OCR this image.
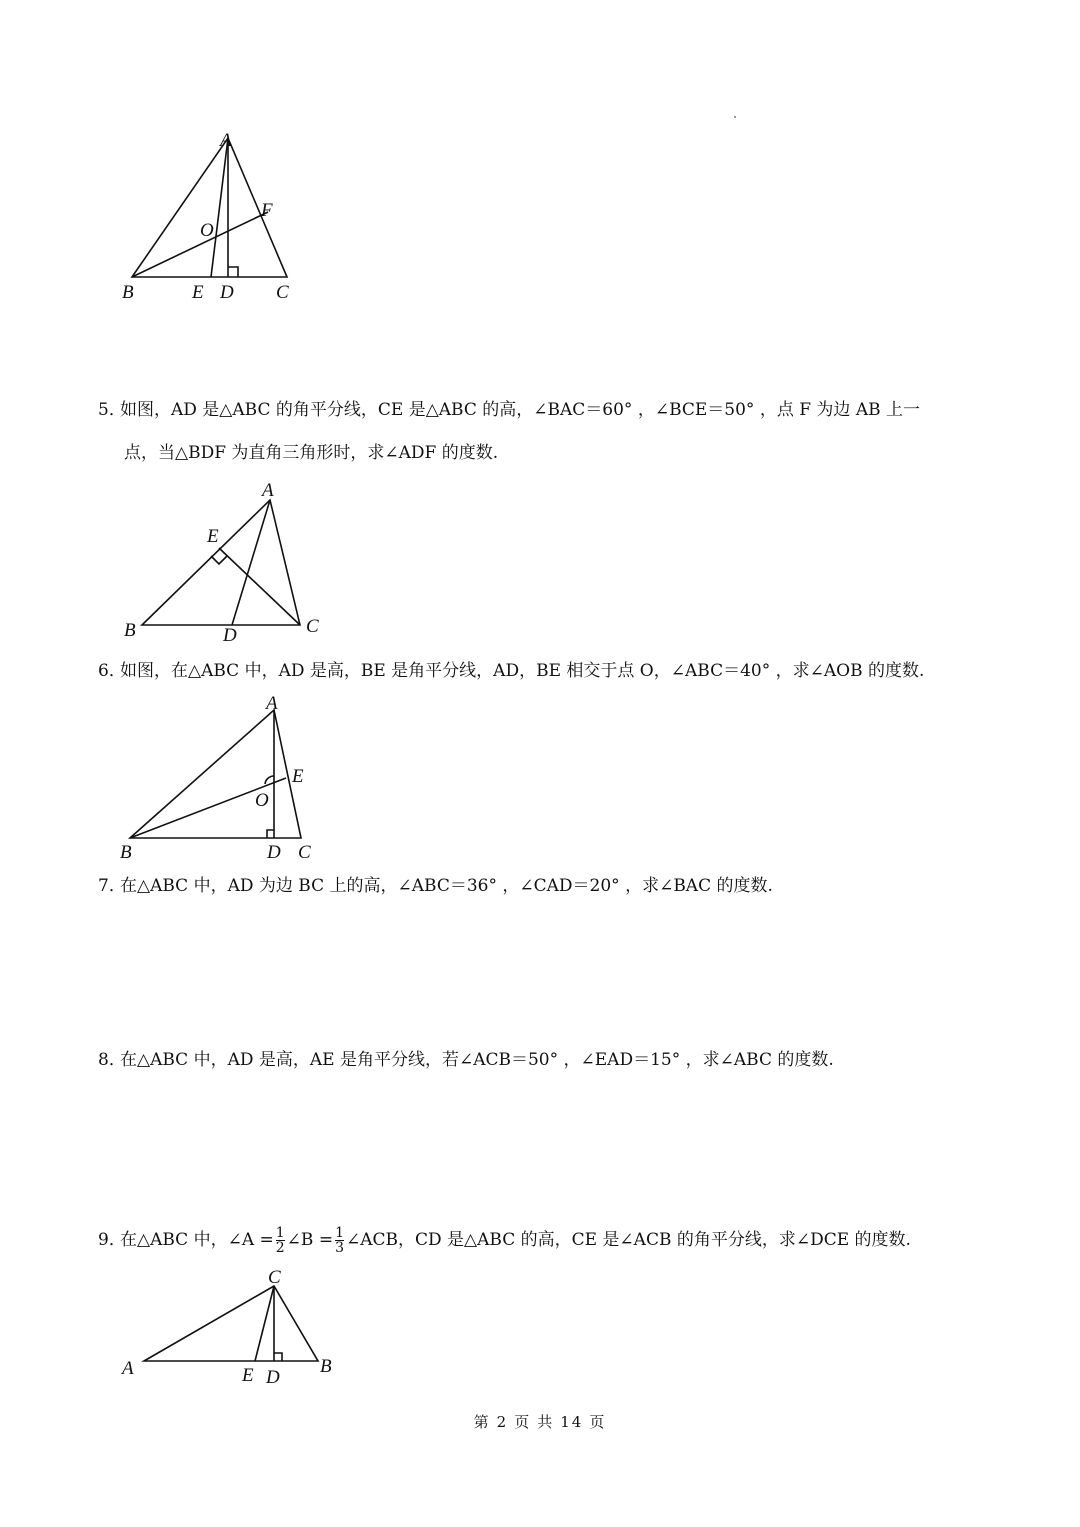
A
B	C
D
E
F
O
5．如图，AD 是△ABC 的角平分线，CE 是△ABC 的高，∠BAC＝60° ，∠BCE＝50° ，点 F 为边 AB 上一
点，当△BDF 为直角三角形时，求∠ADF 的度数.
A
B	C
D
E
6．如图，在△ABC 中，AD 是高，BE 是角平分线，AD，BE 相交于点 O，∠ABC＝40° ，求∠AOB 的度数.
A
B	C
D
E
O
7．在△ABC 中，AD 为边 BC 上的高，∠ABC＝36° ，∠CAD＝20° ，求∠BAC 的度数.
8．在△ABC 中，AD 是高，AE 是角平分线，若∠ACB＝50° ，∠EAD＝15° ，求∠ABC 的度数.
9．在△ABC 中，∠A = $\frac{1}{2}$ ∠B = $\frac{1}{3}$ ∠ACB，CD 是△ABC 的高，CE 是∠ACB 的角平分线，求∠DCE 的度数.
C
A	B
D
E
第 2 页 共 14 页
